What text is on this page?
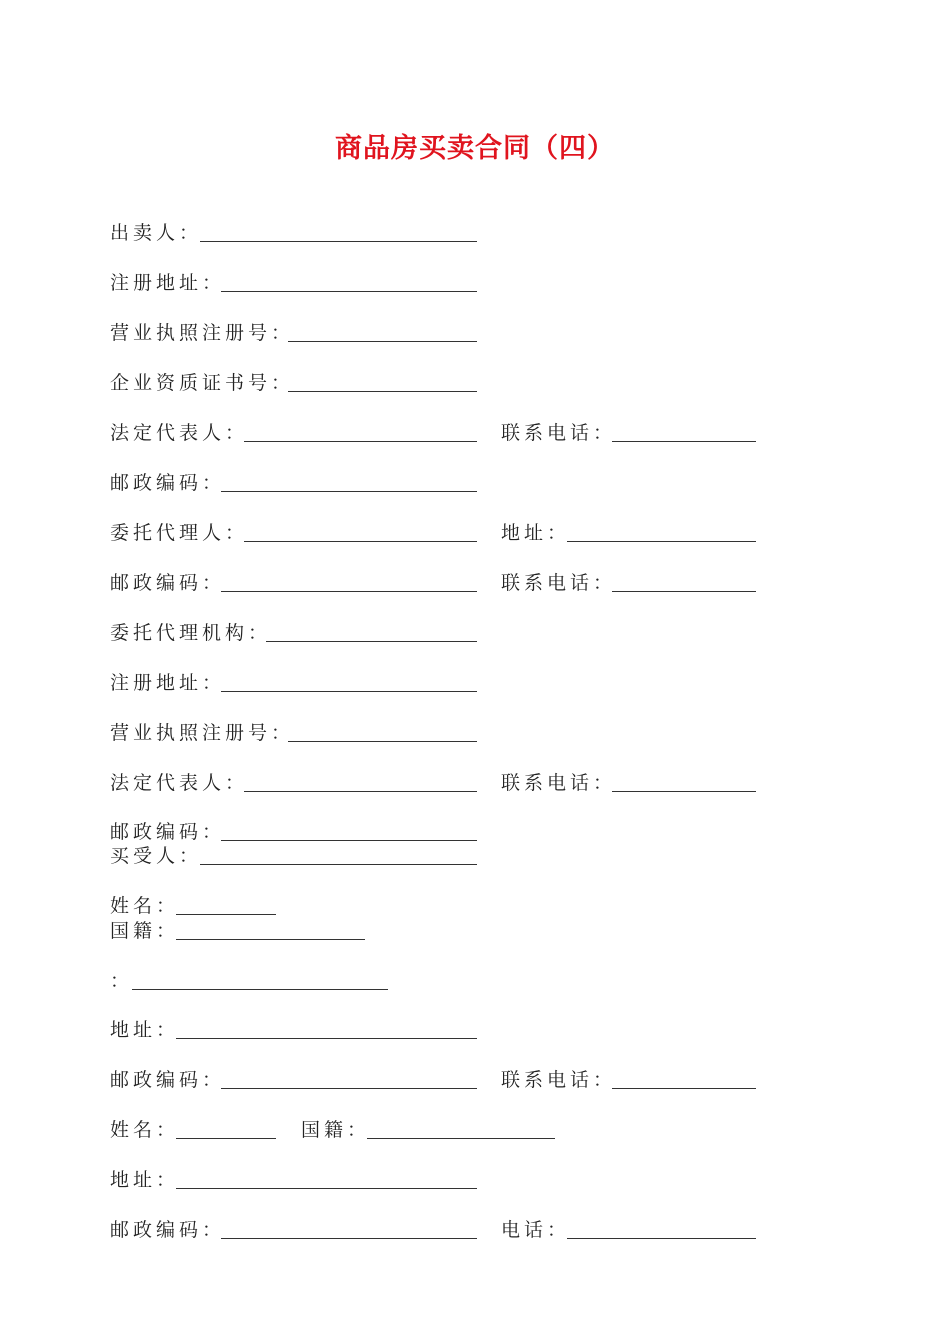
商品房买卖合同（四）
出卖人：
注册地址：
营业执照注册号：
企业资质证书号：
法定代表人：	联系电话：
邮政编码：
委托代理人：	地址：
邮政编码：	联系电话：
委托代理机构：
注册地址：
营业执照注册号：
法定代表人：	联系电话：
邮政编码：
买受人：
姓名：
国籍：
：
地址：
邮政编码：	联系电话：
姓名：	国籍：
地址：
邮政编码：	电话：
